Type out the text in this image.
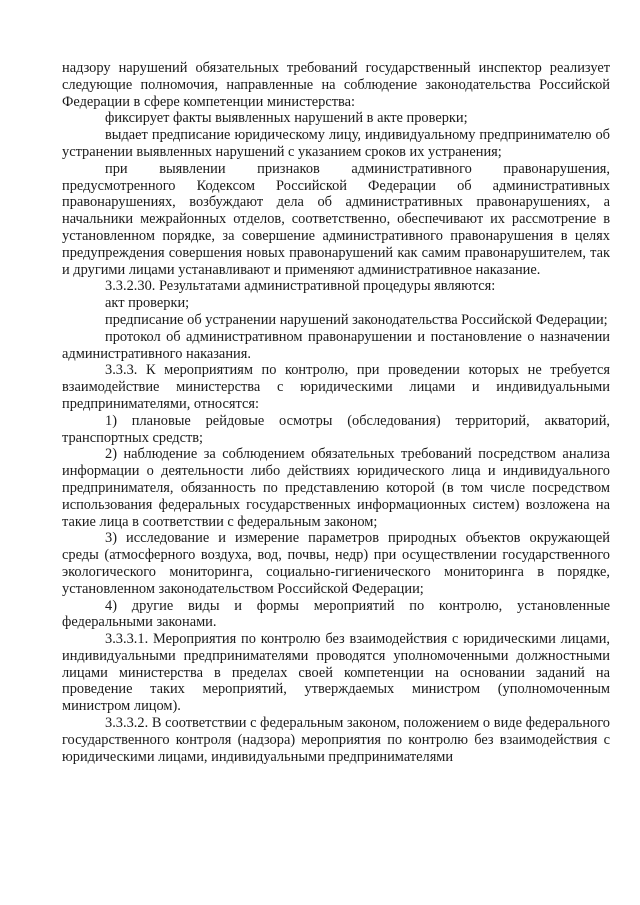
надзору нарушений обязательных требований государственный инспектор реализует следующие полномочия, направленные на соблюдение законодательства Российской Федерации в сфере компетенции министерства:

фиксирует факты выявленных нарушений в акте проверки;

выдает предписание юридическому лицу, индивидуальному предпринимателю об устранении выявленных нарушений с указанием сроков их устранения;

при выявлении признаков административного правонарушения, предусмотренного Кодексом Российской Федерации об административных правонарушениях, возбуждают дела об административных правонарушениях, а начальники межрайонных отделов, соответственно, обеспечивают их рассмотрение в установленном порядке, за совершение административного правонарушения в целях предупреждения совершения новых правонарушений как самим правонарушителем, так и другими лицами устанавливают и применяют административное наказание.

3.3.2.30. Результатами административной процедуры являются:

акт проверки;

предписание об устранении нарушений законодательства Российской Федерации;

протокол об административном правонарушении и постановление о назначении административного наказания.

3.3.3. К мероприятиям по контролю, при проведении которых не требуется взаимодействие министерства с юридическими лицами и индивидуальными предпринимателями, относятся:

1) плановые рейдовые осмотры (обследования) территорий, акваторий, транспортных средств;

2) наблюдение за соблюдением обязательных требований посредством анализа информации о деятельности либо действиях юридического лица и индивидуального предпринимателя, обязанность по представлению которой (в том числе посредством использования федеральных государственных информационных систем) возложена на такие лица в соответствии с федеральным законом;

3) исследование и измерение параметров природных объектов окружающей среды (атмосферного воздуха, вод, почвы, недр) при осуществлении государственного экологического мониторинга, социально-гигиенического мониторинга в порядке, установленном законодательством Российской Федерации;

4) другие виды и формы мероприятий по контролю, установленные федеральными законами.

3.3.3.1. Мероприятия по контролю без взаимодействия с юридическими лицами, индивидуальными предпринимателями проводятся уполномоченными должностными лицами министерства в пределах своей компетенции на основании заданий на проведение таких мероприятий, утверждаемых министром (уполномоченным министром лицом).

3.3.3.2. В соответствии с федеральным законом, положением о виде федерального государственного контроля (надзора) мероприятия по контролю без взаимодействия с юридическими лицами, индивидуальными предпринимателями
